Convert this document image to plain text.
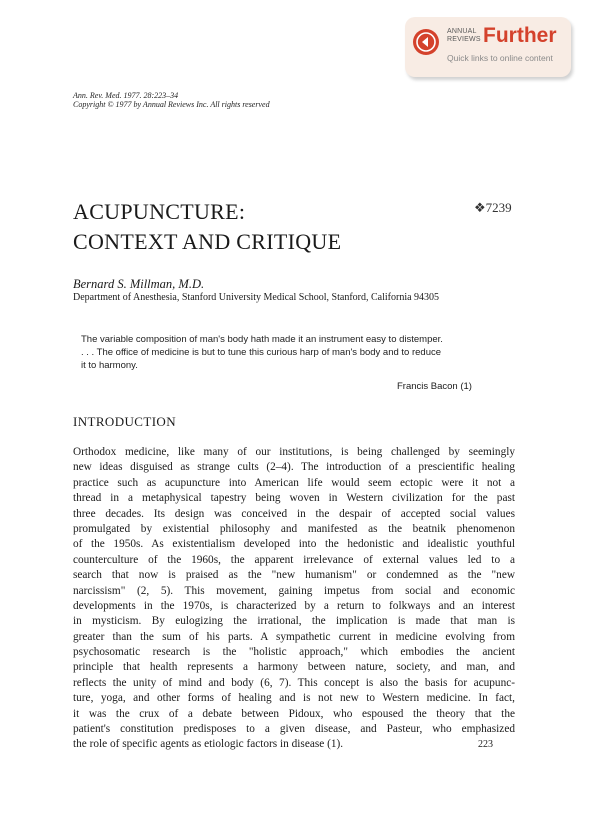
ANNUAL
REVIEWS Further
Quick links to online content
Ann. Rev. Med. 1977. 28:223–34
Copyright © 1977 by Annual Reviews Inc. All rights reserved
ACUPUNCTURE:
CONTEXT AND CRITIQUE
❖7239
Bernard S. Millman, M.D.
Department of Anesthesia, Stanford University Medical School, Stanford, California 94305
The variable composition of man's body hath made it an instrument easy to distemper.
. . . The office of medicine is but to tune this curious harp of man's body and to reduce
it to harmony.
Francis Bacon (1)
INTRODUCTION
Orthodox medicine, like many of our institutions, is being challenged by seemingly
new ideas disguised as strange cults (2–4). The introduction of a prescientific healing
practice such as acupuncture into American life would seem ectopic were it not a
thread in a metaphysical tapestry being woven in Western civilization for the past
three decades. Its design was conceived in the despair of accepted social values
promulgated by existential philosophy and manifested as the beatnik phenomenon
of the 1950s. As existentialism developed into the hedonistic and idealistic youthful
counterculture of the 1960s, the apparent irrelevance of external values led to a
search that now is praised as the "new humanism" or condemned as the "new
narcissism" (2, 5). This movement, gaining impetus from social and economic
developments in the 1970s, is characterized by a return to folkways and an interest
in mysticism. By eulogizing the irrational, the implication is made that man is
greater than the sum of his parts. A sympathetic current in medicine evolving from
psychosomatic research is the "holistic approach," which embodies the ancient
principle that health represents a harmony between nature, society, and man, and
reflects the unity of mind and body (6, 7). This concept is also the basis for acupunc-
ture, yoga, and other forms of healing and is not new to Western medicine. In fact,
it was the crux of a debate between Pidoux, who espoused the theory that the
patient's constitution predisposes to a given disease, and Pasteur, who emphasized
the role of specific agents as etiologic factors in disease (1).	223
